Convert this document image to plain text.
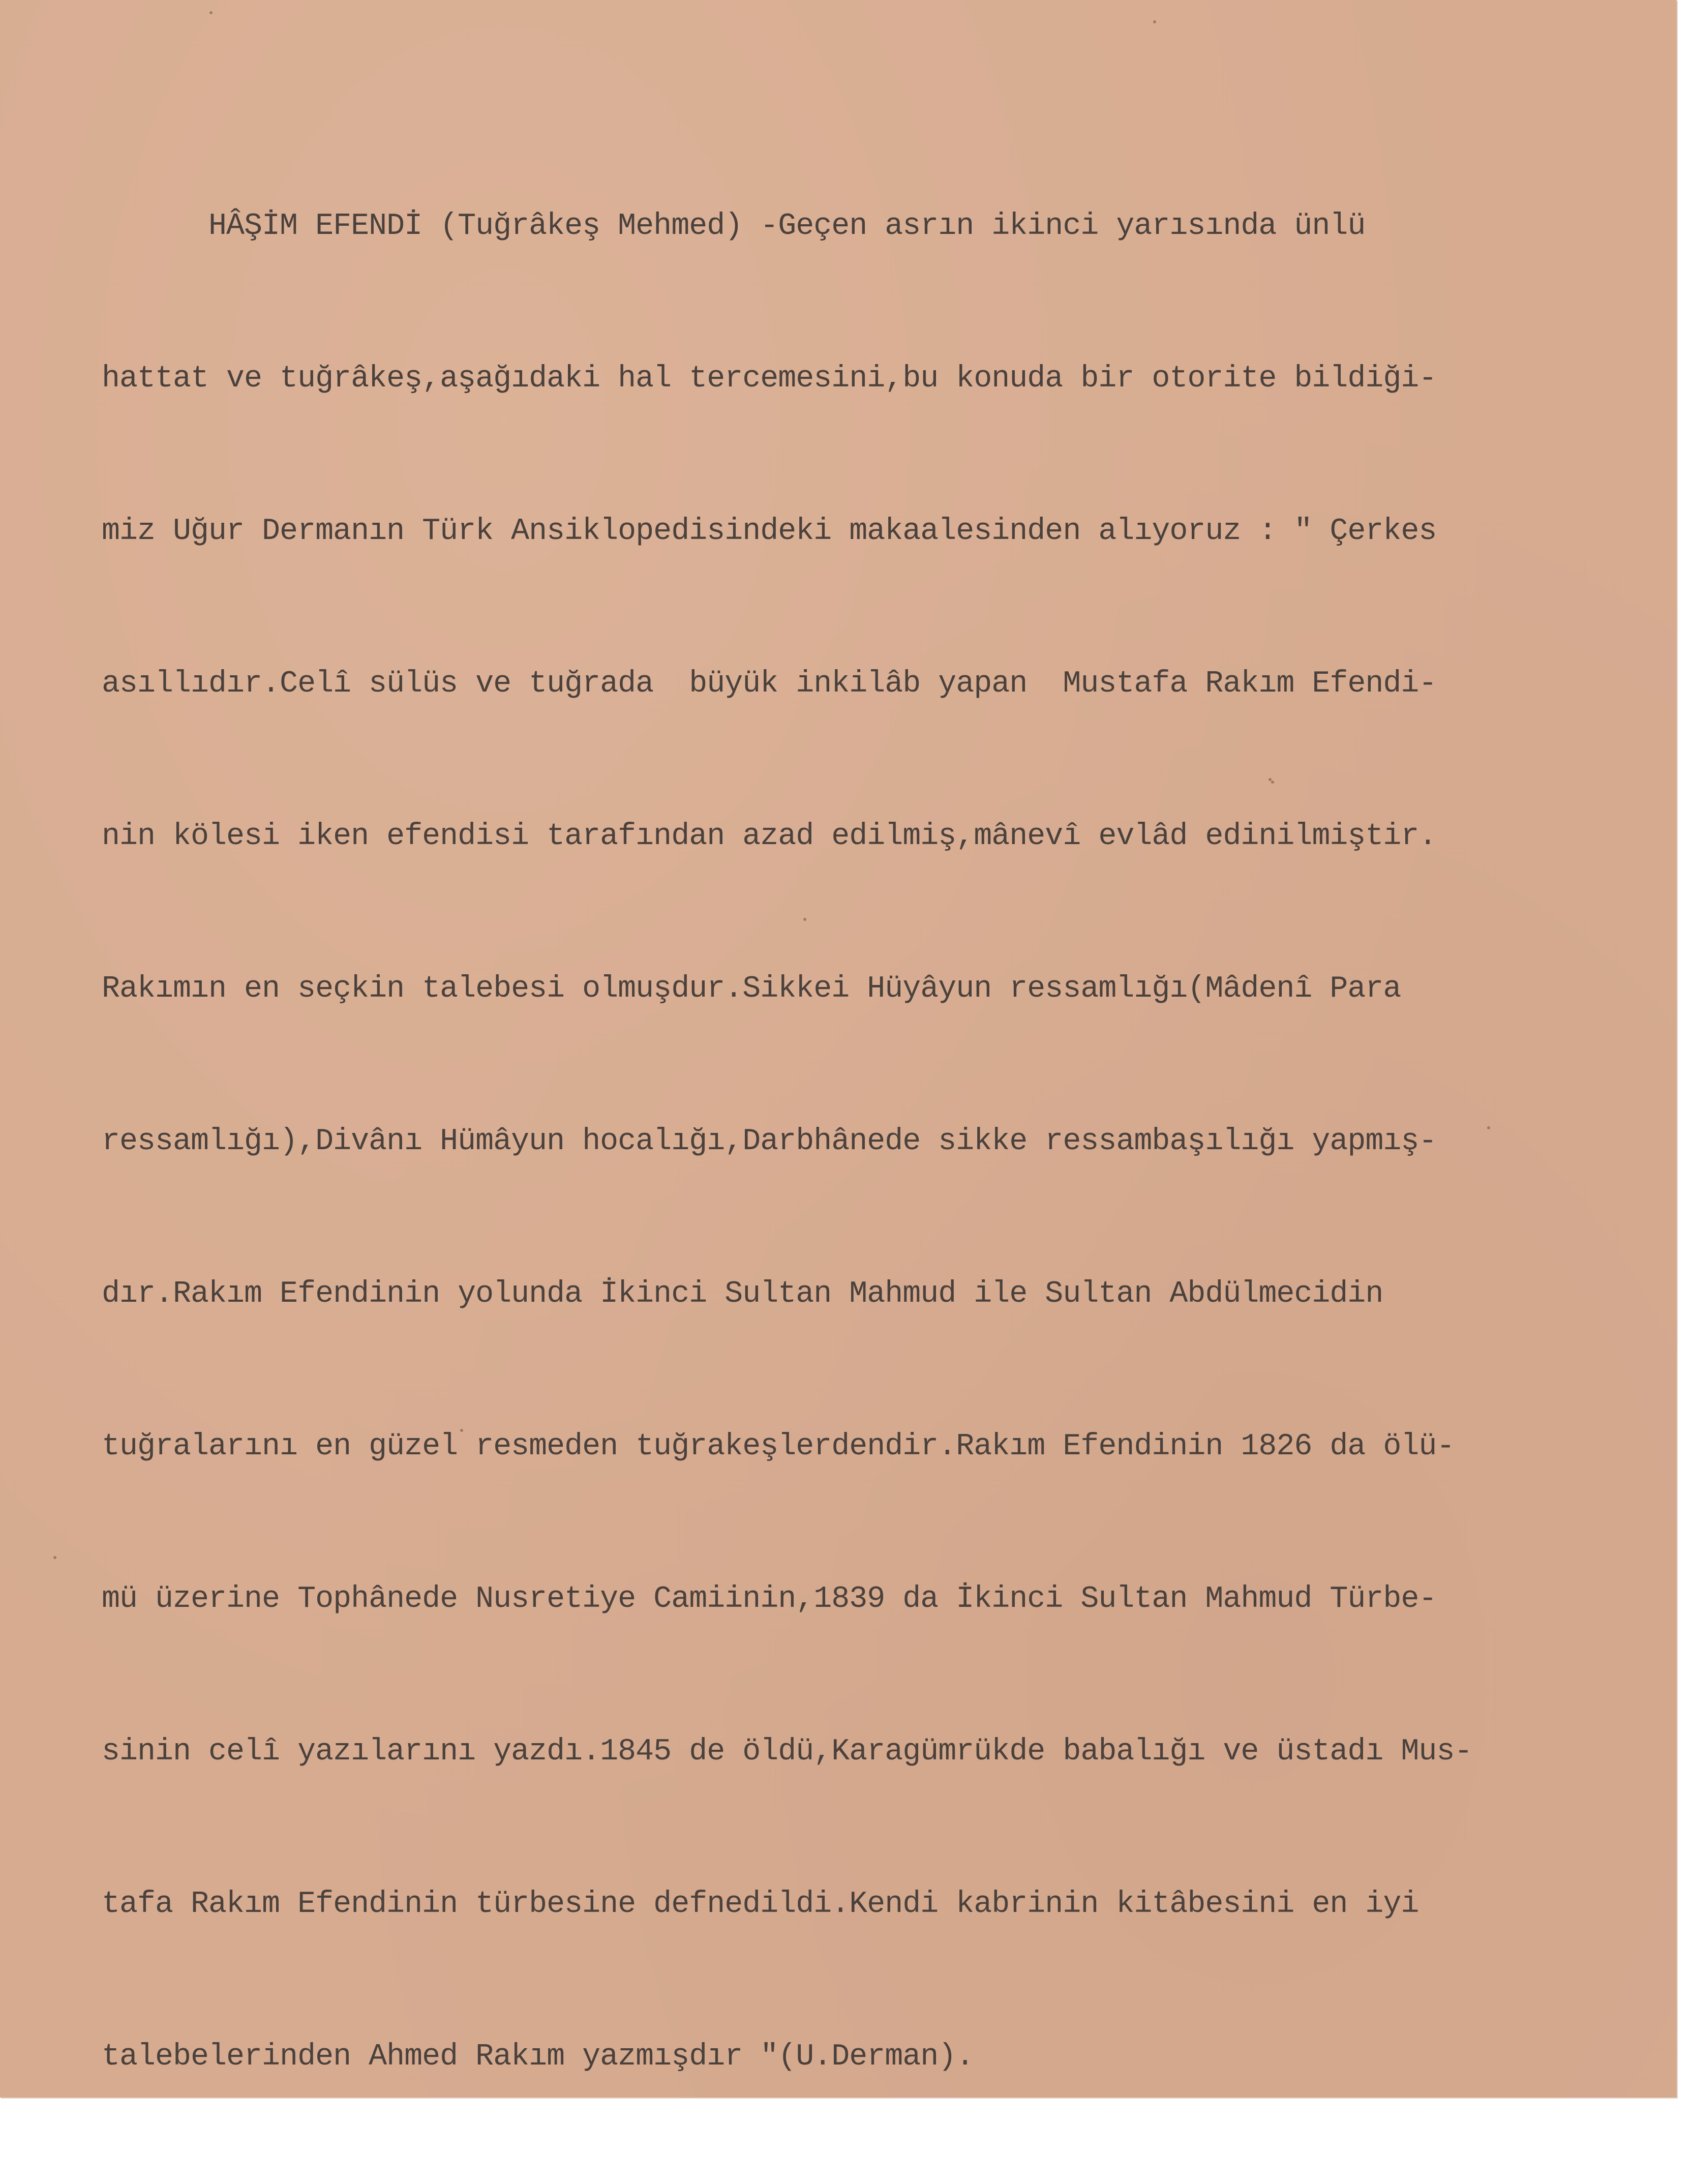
HÂŞİM EFENDİ (Tuğrâkeş Mehmed) -Geçen asrın ikinci yarısında ünlü

hattat ve tuğrâkeş,aşağıdaki hal tercemesini,bu konuda bir otorite bildiği-

miz Uğur Dermanın Türk Ansiklopedisindeki makaalesinden alıyoruz : " Çerkes

asıllıdır.Celî sülüs ve tuğrada  büyük inkilâb yapan  Mustafa Rakım Efendi-

nin kölesi iken efendisi tarafından azad edilmiş,mânevî evlâd edinilmiştir.

Rakımın en seçkin talebesi olmuşdur.Sikkei Hüyâyun ressamlığı(Mâdenî Para

ressamlığı),Divânı Hümâyun hocalığı,Darbhânede sikke ressambaşılığı yapmış-

dır.Rakım Efendinin yolunda İkinci Sultan Mahmud ile Sultan Abdülmecidin

tuğralarını en güzel resmeden tuğrakeşlerdendir.Rakım Efendinin 1826 da ölü-

mü üzerine Tophânede Nusretiye Camiinin,1839 da İkinci Sultan Mahmud Türbe-

sinin celî yazılarını yazdı.1845 de öldü,Karagümrükde babalığı ve üstadı Mus-

tafa Rakım Efendinin türbesine defnedildi.Kendi kabrinin kitâbesini en iyi

talebelerinden Ahmed Rakım yazmışdır "(U.Derman).
